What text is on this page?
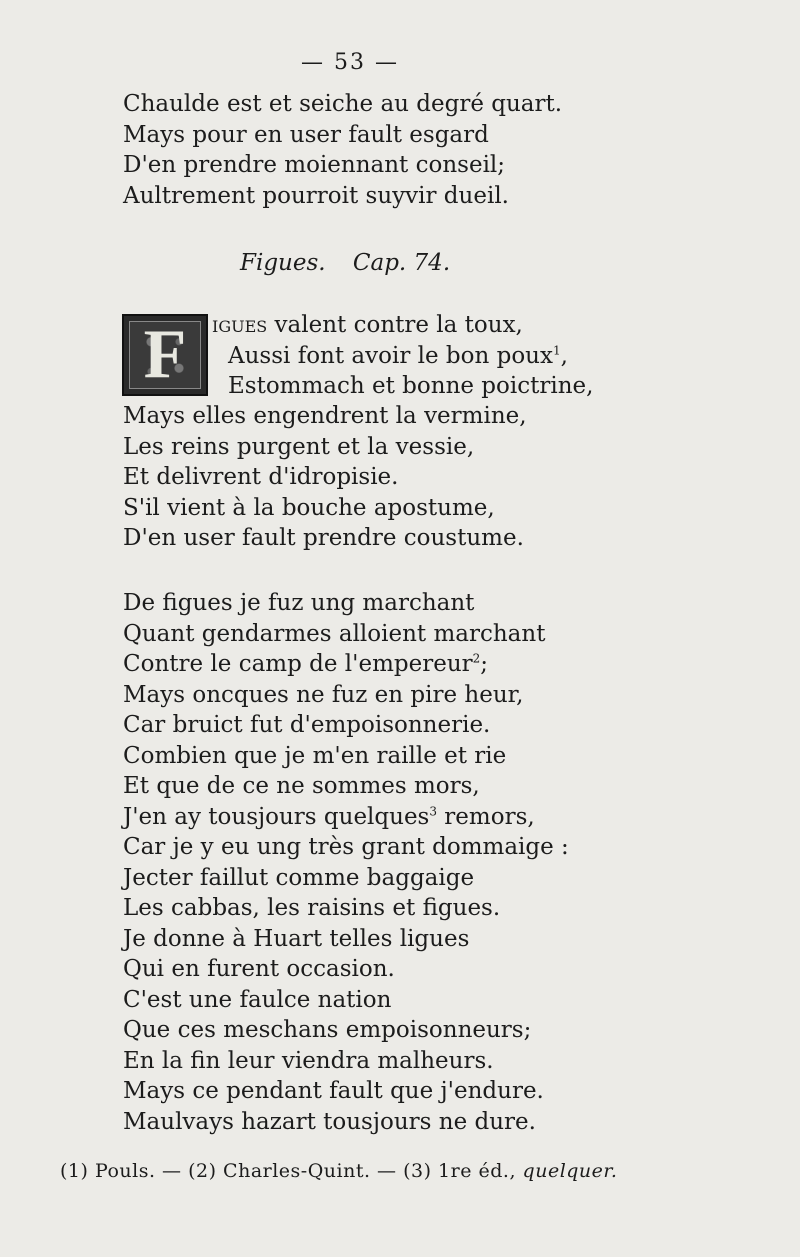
— 53 —
Chaulde est et seiche au degré quart.
Mays pour en user fault esgard
D'en prendre moiennant conseil;
Aultrement pourroit suyvir dueil.
Figues. Cap. 74.
F	igues valent contre la toux,
Aussi font avoir le bon poux$^1$,
Estommach et bonne poictrine,
Mays elles engendrent la vermine,
Les reins purgent et la vessie,
Et delivrent d'idropisie.
S'il vient à la bouche apostume,
D'en user fault prendre coustume.
De figues je fuz ung marchant
Quant gendarmes alloient marchant
Contre le camp de l'empereur$^2$;
Mays oncques ne fuz en pire heur,
Car bruict fut d'empoisonnerie.
Combien que je m'en raille et rie
Et que de ce ne sommes mors,
J'en ay tousjours quelques$^3$ remors,
Car je y eu ung très grant dommaige :
Jecter faillut comme baggaige
Les cabbas, les raisins et figues.
Je donne à Huart telles ligues
Qui en furent occasion.
C'est une faulce nation
Que ces meschans empoisonneurs;
En la fin leur viendra malheurs.
Mays ce pendant fault que j'endure.
Maulvays hazart tousjours ne dure.
(1) Pouls. — (2) Charles-Quint. — (3) 1re éd., quelquer.
